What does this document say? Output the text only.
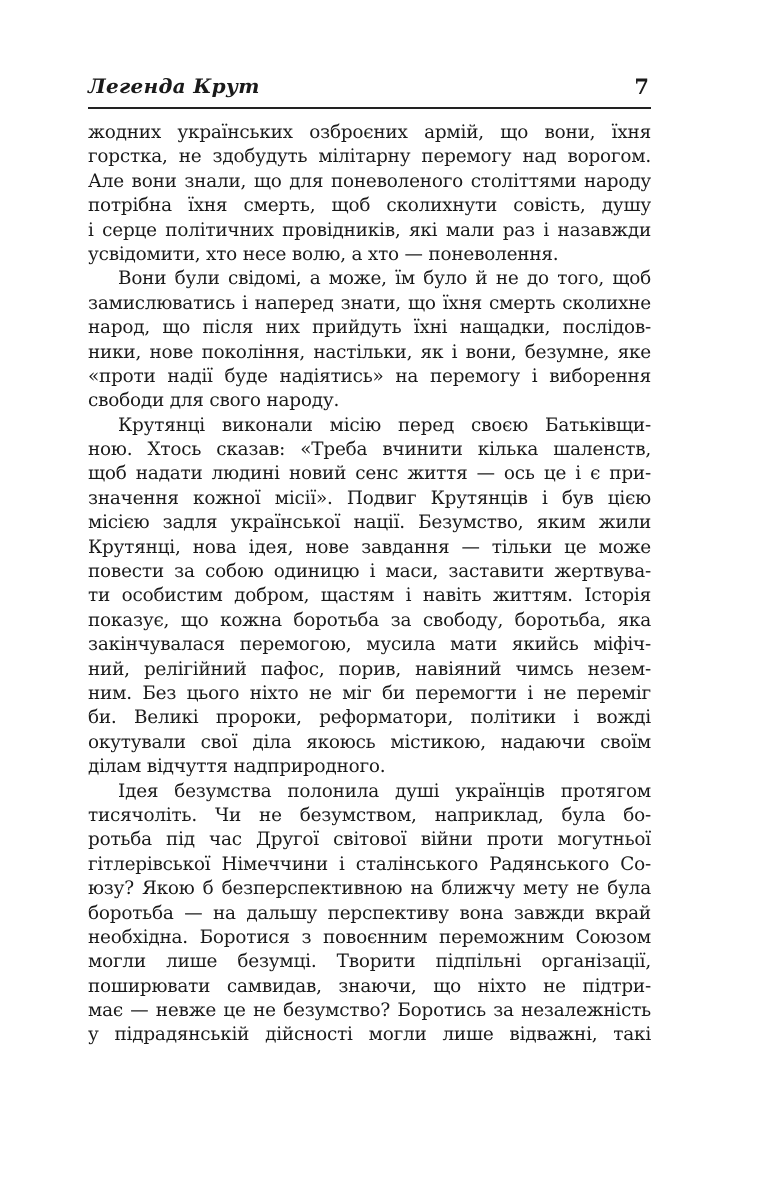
Легенда Крут	7
жодних українських озброєних армій, що вони, їхня
горстка, не здобудуть мілітарну перемогу над ворогом.
Але вони знали, що для поневоленого століттями народу
потрібна їхня смерть, щоб сколихнути совість, душу
і серце політичних провідників, які мали раз і назавжди
усвідомити, хто несе волю, а хто — поневолення.
Вони були свідомі, а може, їм було й не до того, щоб
замислюватись і наперед знати, що їхня смерть сколихне
народ, що після них прийдуть їхні нащадки, послідов-
ники, нове покоління, настільки, як і вони, безумне, яке
«проти надії буде надіятись» на перемогу і виборення
свободи для свого народу.
Крутянці виконали місію перед своєю Батьківщи-
ною. Хтось сказав: «Треба вчинити кілька шаленств,
щоб надати людині новий сенс життя — ось це і є при-
значення кожної місії». Подвиг Крутянців і був цією
місією задля української нації. Безумство, яким жили
Крутянці, нова ідея, нове завдання — тільки це може
повести за собою одиницю і маси, заставити жертвува-
ти особистим добром, щастям і навіть життям. Історія
показує, що кожна боротьба за свободу, боротьба, яка
закінчувалася перемогою, мусила мати якийсь міфіч-
ний, релігійний пафос, порив, навіяний чимсь незем-
ним. Без цього ніхто не міг би перемогти і не переміг
би. Великі пророки, реформатори, політики і вожді
окутували свої діла якоюсь містикою, надаючи своїм
ділам відчуття надприродного.
Ідея безумства полонила душі українців протягом
тисячоліть. Чи не безумством, наприклад, була бо-
ротьба під час Другої світової війни проти могутньої
гітлерівської Німеччини і сталінського Радянського Со-
юзу? Якою б безперспективною на ближчу мету не була
боротьба — на дальшу перспективу вона завжди вкрай
необхідна. Боротися з повоєнним переможним Союзом
могли лише безумці. Творити підпільні організації,
поширювати самвидав, знаючи, що ніхто не підтри-
має — невже це не безумство? Боротись за незалежність
у підрадянській дійсності могли лише відважні, такі
